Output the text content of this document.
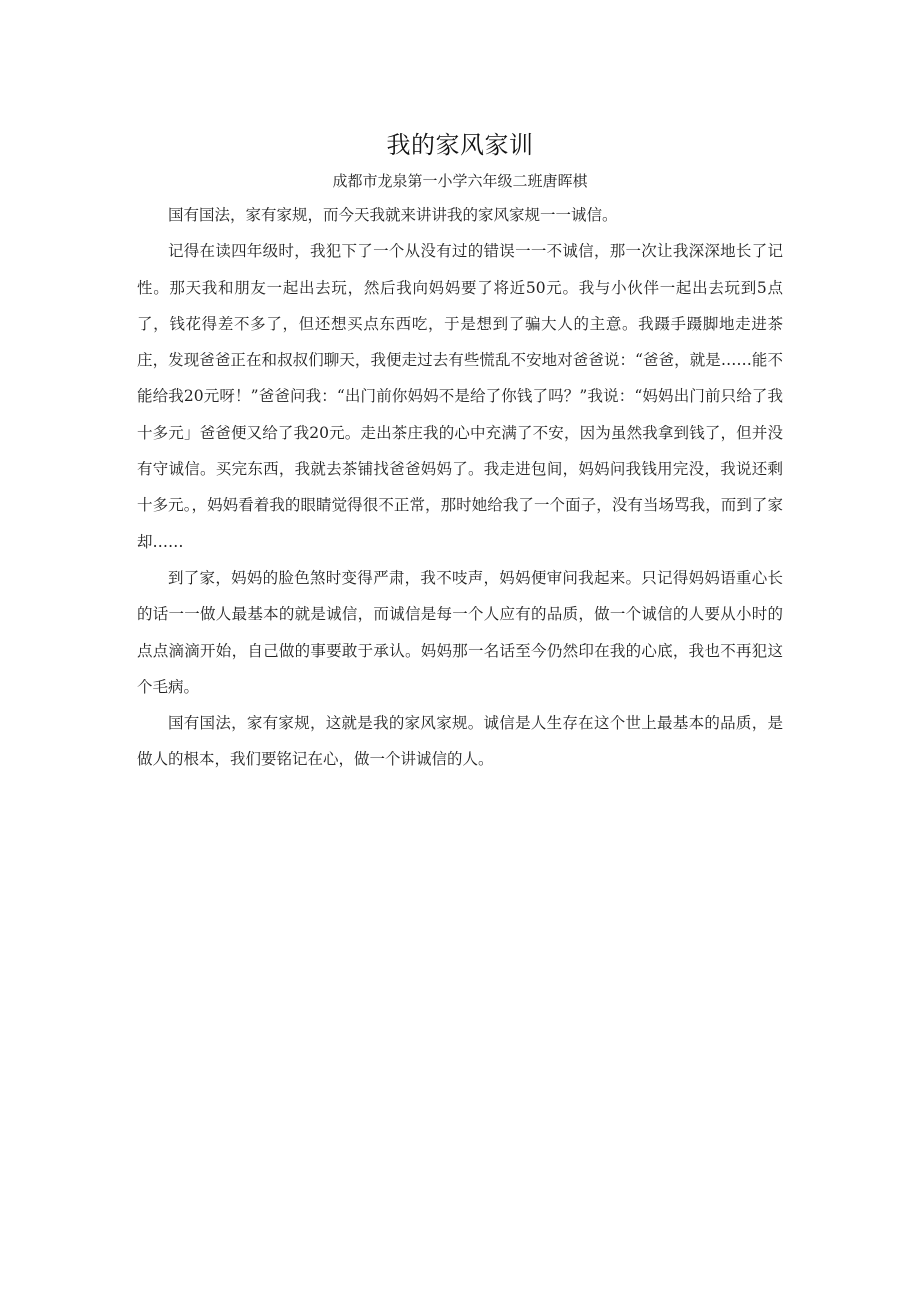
我的家风家训

成都市龙泉第一小学六年级二班唐晖棋

国有国法，家有家规，而今天我就来讲讲我的家风家规一一诚信。

记得在读四年级时，我犯下了一个从没有过的错误一一不诚信，那一次让我深深地长了记性。那天我和朋友一起出去玩，然后我向妈妈要了将近50元。我与小伙伴一起出去玩到5点了，钱花得差不多了，但还想买点东西吃，于是想到了骗大人的主意。我蹑手蹑脚地走进茶庄，发现爸爸正在和叔叔们聊天，我便走过去有些慌乱不安地对爸爸说：“爸爸，就是……能不能给我20元呀！”爸爸问我：“出门前你妈妈不是给了你钱了吗？”我说：“妈妈出门前只给了我十多元」爸爸便又给了我20元。走出茶庄我的心中充满了不安，因为虽然我拿到钱了，但并没有守诚信。买完东西，我就去茶铺找爸爸妈妈了。我走进包间，妈妈问我钱用完没，我说还剩十多元。，妈妈看着我的眼睛觉得很不正常，那时她给我了一个面子，没有当场骂我，而到了家却……

到了家，妈妈的脸色煞时变得严肃，我不吱声，妈妈便审问我起来。只记得妈妈语重心长的话一一做人最基本的就是诚信，而诚信是每一个人应有的品质，做一个诚信的人要从小时的点点滴滴开始，自己做的事要敢于承认。妈妈那一名话至今仍然印在我的心底，我也不再犯这个毛病。

国有国法，家有家规，这就是我的家风家规。诚信是人生存在这个世上最基本的品质，是做人的根本，我们要铭记在心，做一个讲诚信的人。
